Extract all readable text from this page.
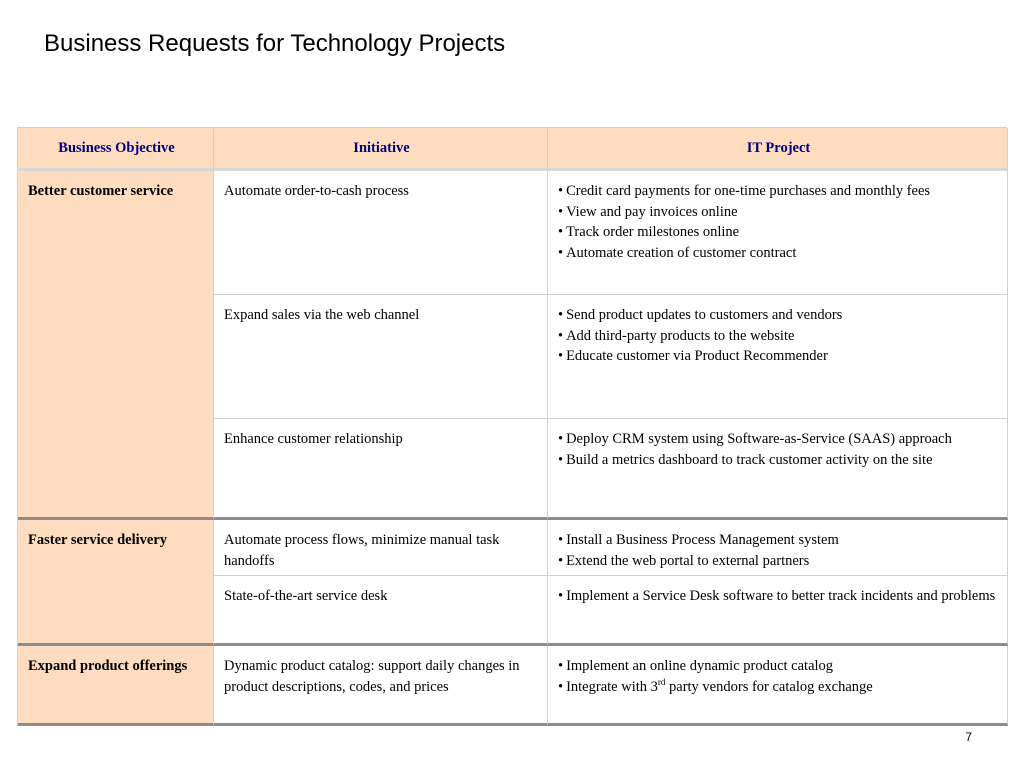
Business Requests for Technology Projects
Business Objective	Initiative	IT Project
Better customer service	Automate order-to-cash process	• Credit card payments for one-time purchases and monthly fees
• View and pay invoices online
• Track order milestones online
• Automate creation of customer contract
Expand sales via the web channel	• Send product updates to customers and vendors
• Add third-party products to the website
• Educate customer via Product Recommender
Enhance customer relationship	• Deploy CRM system using Software-as-Service (SAAS) approach
• Build a metrics dashboard to track customer activity on the site
Faster service delivery	Automate process flows, minimize manual task handoffs
• Install a Business Process Management system
• Extend the web portal to external partners
State-of-the-art service desk	• Implement a Service Desk software to better track incidents and problems
Expand product offerings	Dynamic product catalog: support daily changes in product descriptions, codes, and prices
• Implement an online dynamic product catalog
• Integrate with 3rd party vendors for catalog exchange
7
